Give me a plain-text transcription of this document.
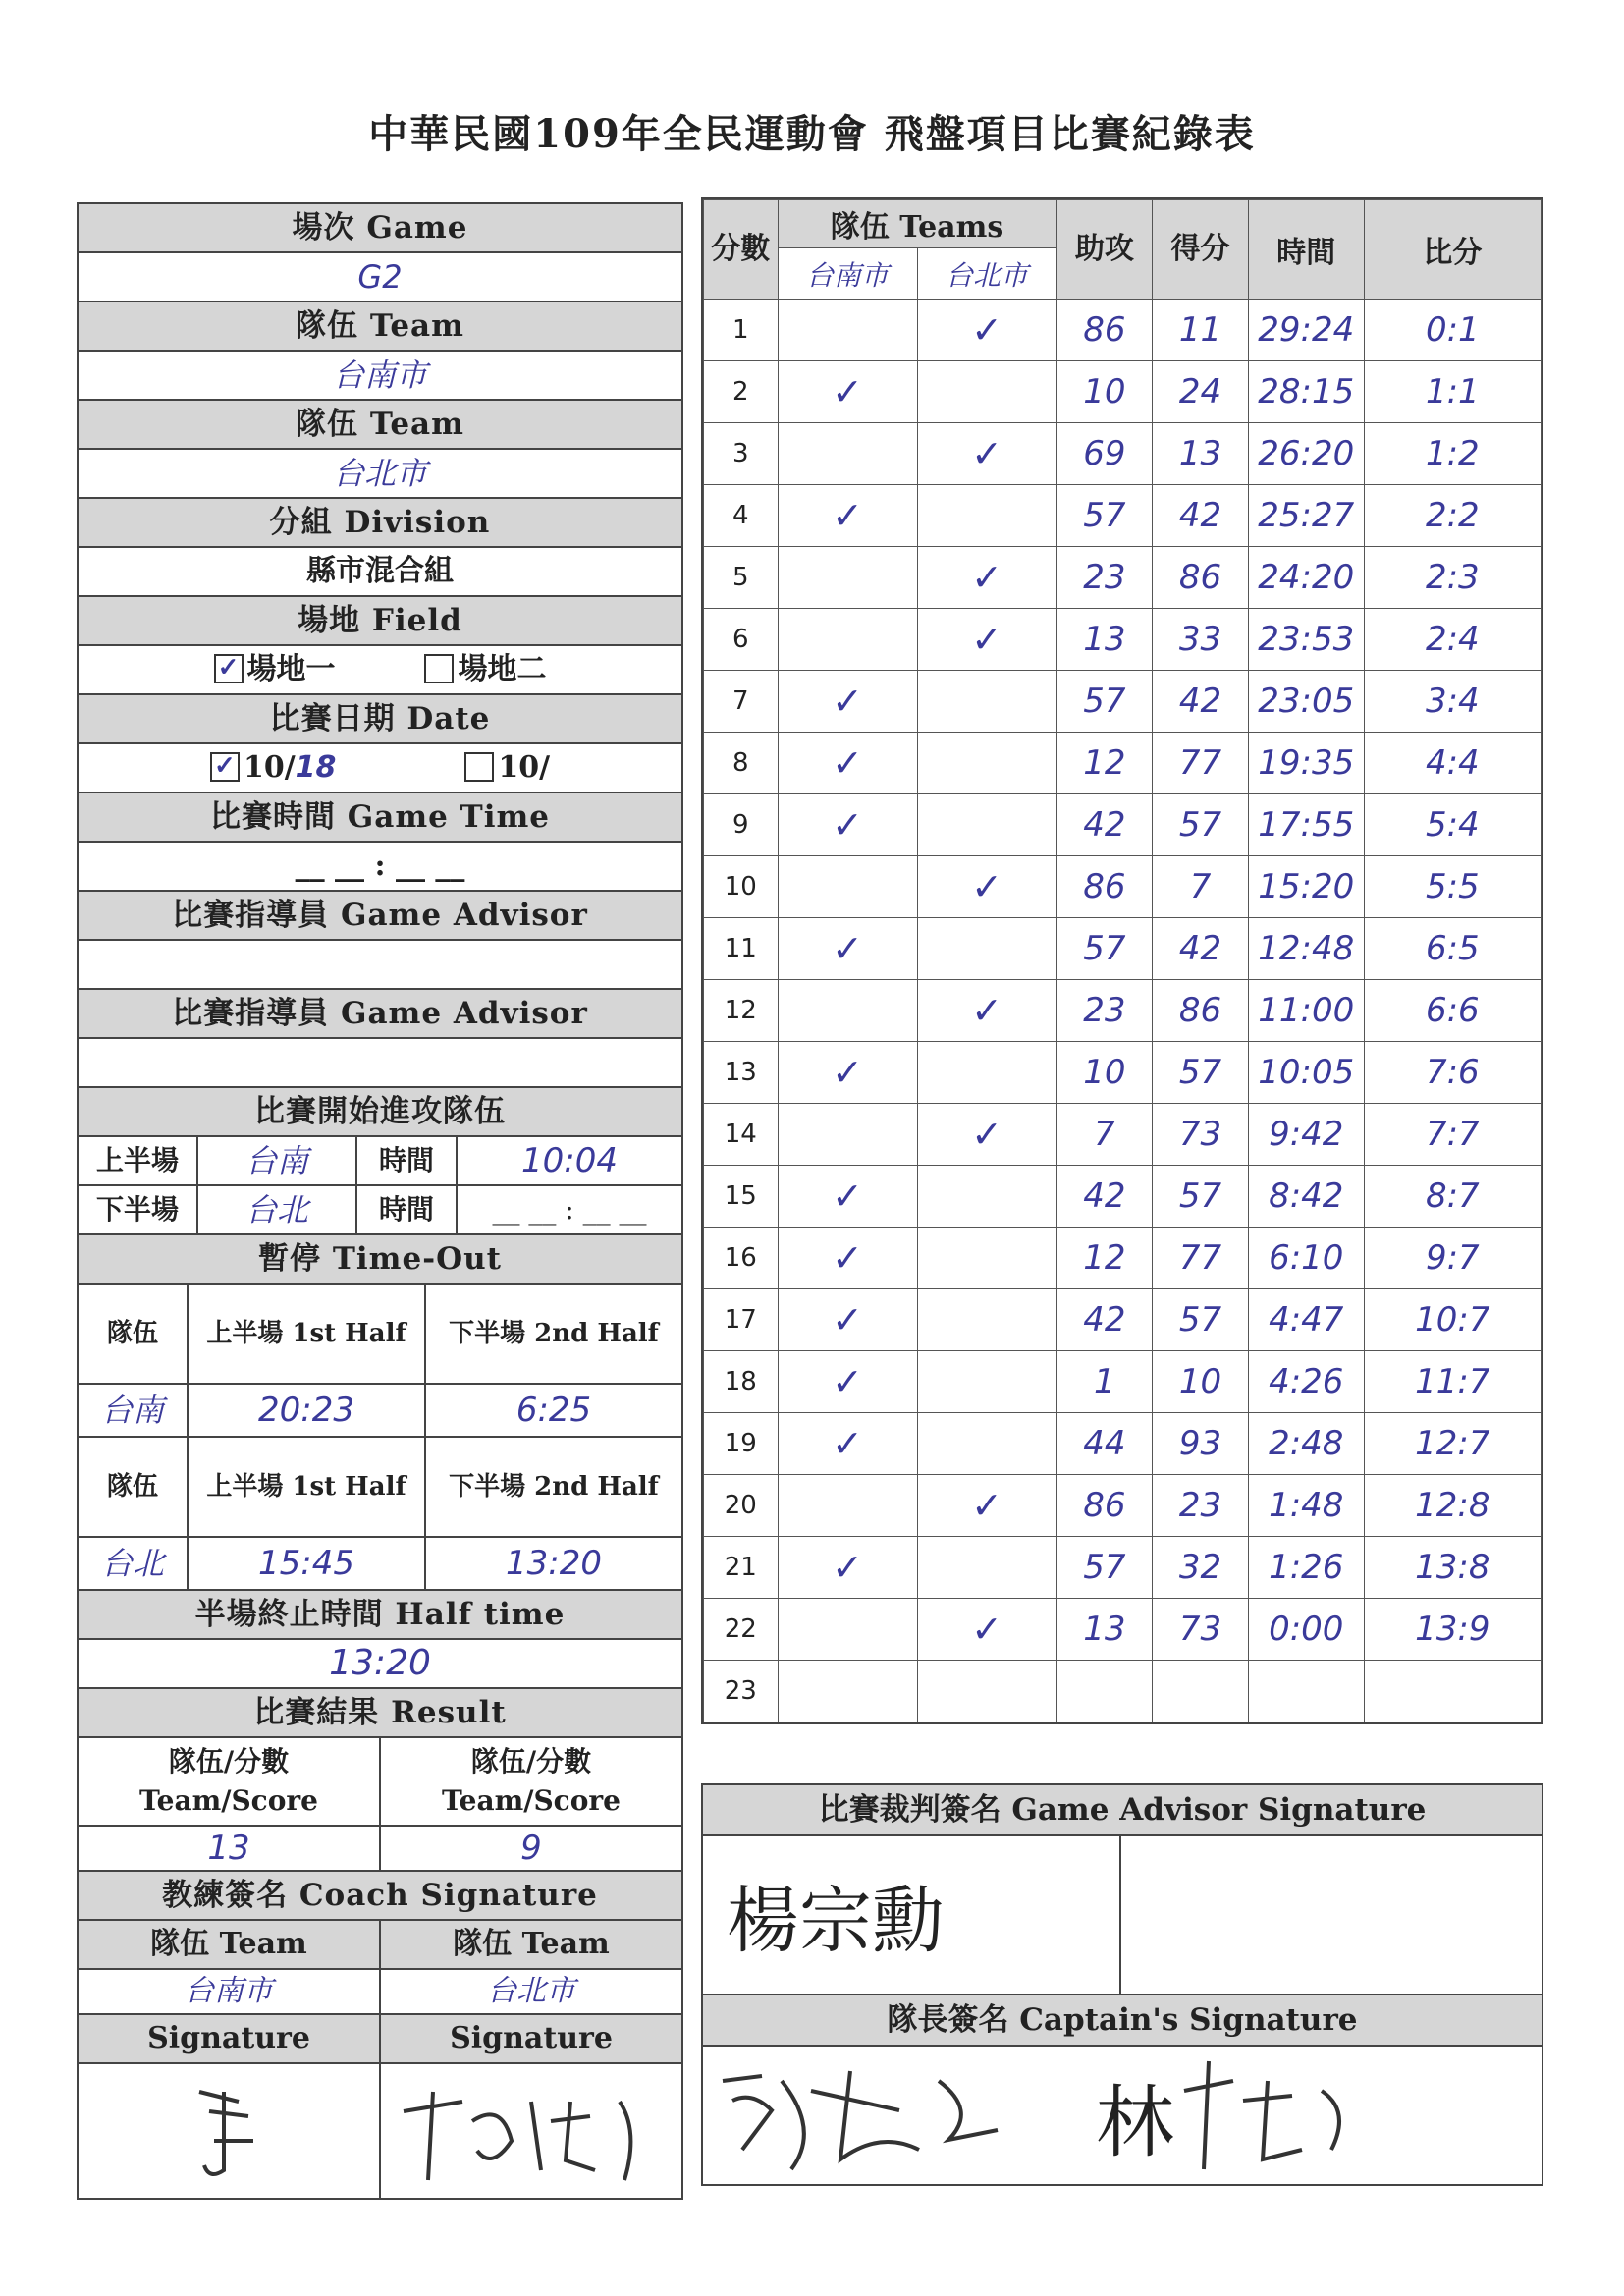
中華民國109年全民運動會 飛盤項目比賽紀錄表
場次 Game
G2
隊伍 Team
台南市
隊伍 Team
台北市
分組 Division
縣市混合組
場地 Field
✓ 場地一	場地二
比賽日期 Date
✓ 10/18	10/
比賽時間 Game Time
__ __ : __ __
比賽指導員 Game Advisor
比賽指導員 Game Advisor
比賽開始進攻隊伍
上半場	台南	時間	10:04
下半場	台北	時間	__ __ : __ __
暫停 Time-Out
隊伍	上半場 1st Half	下半場 2nd Half
台南	20:23	6:25
隊伍	上半場 1st Half	下半場 2nd Half
台北	15:45	13:20
半場終止時間 Half time
13:20
比賽結果 Result
隊伍/分數
Team/Score
隊伍/分數
Team/Score
13	9
教練簽名 Coach Signature
隊伍 Team	隊伍 Team
台南市	台北市
Signature	Signature
分數	隊伍 Teams		助攻	得分	時間	比分
	台南市	台北市				
1		✓	86	11	29:24	0:1
2	✓		10	24	28:15	1:1
3		✓	69	13	26:20	1:2
4	✓		57	42	25:27	2:2
5		✓	23	86	24:20	2:3
6		✓	13	33	23:53	2:4
7	✓		57	42	23:05	3:4
8	✓		12	77	19:35	4:4
9	✓		42	57	17:55	5:4
10		✓	86	7	15:20	5:5
11	✓		57	42	12:48	6:5
12		✓	23	86	11:00	6:6
13	✓		10	57	10:05	7:6
14		✓	7	73	9:42	7:7
15	✓		42	57	8:42	8:7
16	✓		12	77	6:10	9:7
17	✓		42	57	4:47	10:7
18	✓		1	10	4:26	11:7
19	✓		44	93	2:48	12:7
20		✓	86	23	1:48	12:8
21	✓		57	32	1:26	13:8
22		✓	13	73	0:00	13:9
23						
比賽裁判簽名 Game Advisor Signature
楊宗勳
隊長簽名 Captain's Signature
林
